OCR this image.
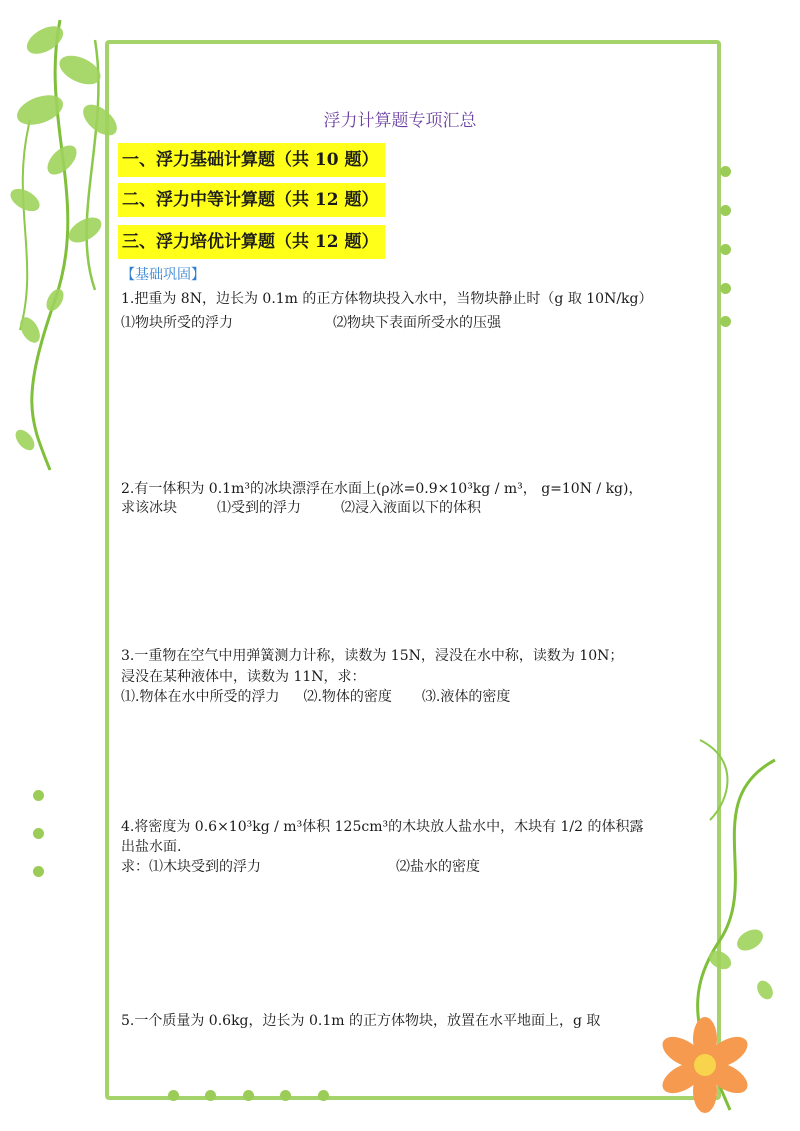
浮力计算题专项汇总
一、浮力基础计算题（共 10 题）
二、浮力中等计算题（共 12 题）
三、浮力培优计算题（共 12 题）
【基础巩固】
1.把重为 8N，边长为 0.1m 的正方体物块投入水中，当物块静止时（g 取 10N/kg）
⑴物块所受的浮力	⑵物块下表面所受水的压强
2.有一体积为 0.1m³的冰块漂浮在水面上(ρ冰=0.9×10³kg / m³， g=10N / kg)，
求该冰块	⑴受到的浮力	⑵浸入液面以下的体积
3.一重物在空气中用弹簧测力计称，读数为 15N，浸没在水中称，读数为 10N；
浸没在某种液体中，读数为 11N，求：
⑴.物体在水中所受的浮力 ⑵.物体的密度 ⑶.液体的密度
4.将密度为 0.6×10³kg / m³体积 125cm³的木块放人盐水中，木块有 1/2 的体积露
出盐水面.
求：⑴木块受到的浮力	⑵盐水的密度
5.一个质量为 0.6kg，边长为 0.1m 的正方体物块，放置在水平地面上，g 取
